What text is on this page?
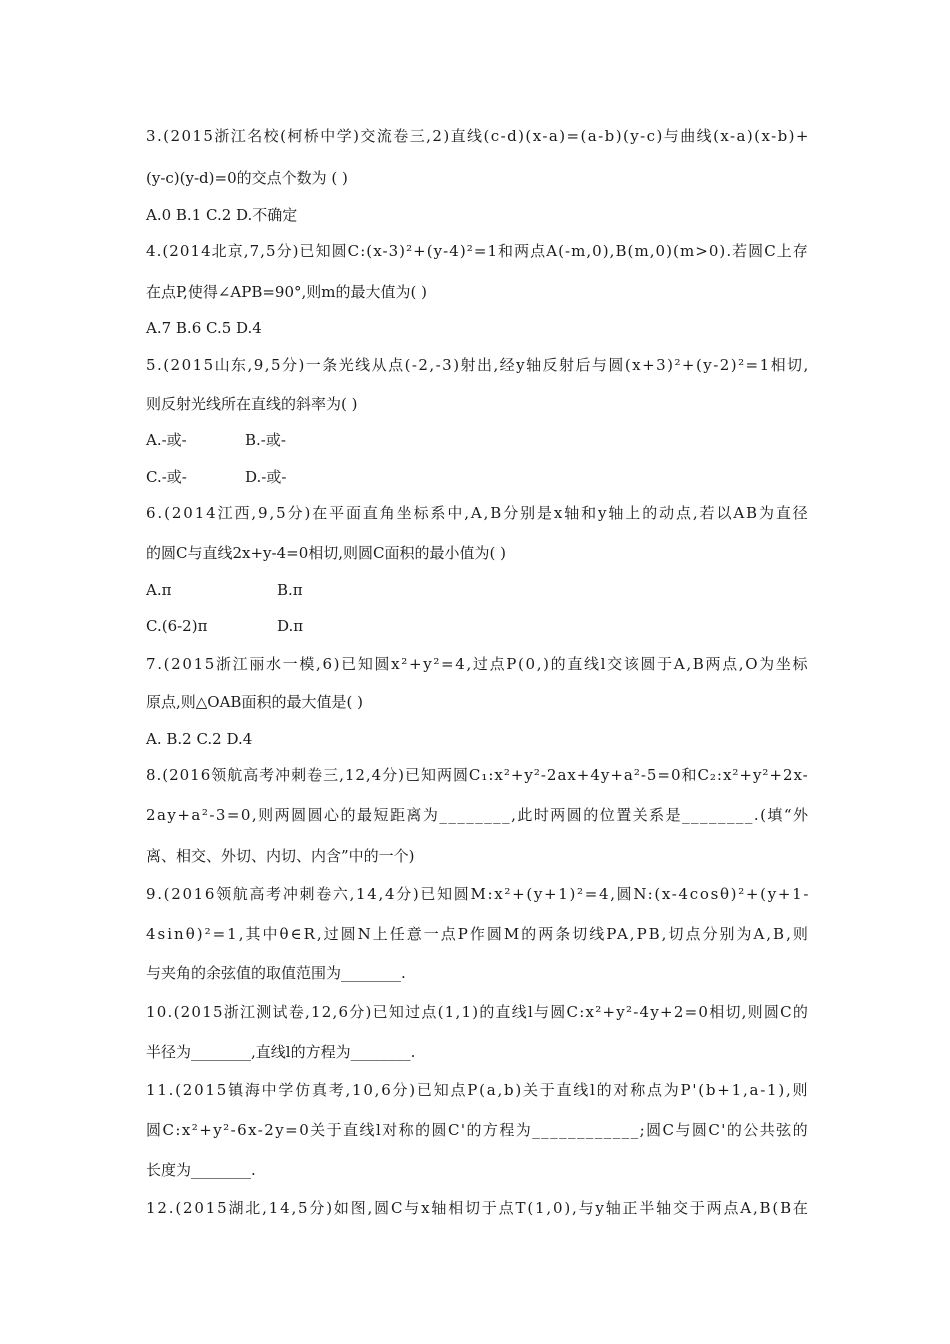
3.(2015浙江名校(柯桥中学)交流卷三,2)直线(c-d)(x-a)=(a-b)(y-c)与曲线(x-a)(x-b)+
(y-c)(y-d)=0的交点个数为 ( )
A.0 B.1 C.2 D.不确定
4.(2014北京,7,5分)已知圆C:(x-3)²+(y-4)²=1和两点A(-m,0),B(m,0)(m>0).若圆C上存
在点P,使得∠APB=90°,则m的最大值为( )
A.7 B.6 C.5 D.4
5.(2015山东,9,5分)一条光线从点(-2,-3)射出,经y轴反射后与圆(x+3)²+(y-2)²=1相切,
则反射光线所在直线的斜率为( )
A.-或-	B.-或-
C.-或-	D.-或-
6.(2014江西,9,5分)在平面直角坐标系中,A,B分别是x轴和y轴上的动点,若以AB为直径
的圆C与直线2x+y-4=0相切,则圆C面积的最小值为( )
A.π	B.π
C.(6-2)π	D.π
7.(2015浙江丽水一模,6)已知圆x²+y²=4,过点P(0,)的直线l交该圆于A,B两点,O为坐标
原点,则△OAB面积的最大值是( )
A. B.2 C.2 D.4
8.(2016领航高考冲刺卷三,12,4分)已知两圆C₁:x²+y²-2ax+4y+a²-5=0和C₂:x²+y²+2x-
2ay+a²-3=0,则两圆圆心的最短距离为________,此时两圆的位置关系是________.(填“外
离、相交、外切、内切、内含”中的一个)
9.(2016领航高考冲刺卷六,14,4分)已知圆M:x²+(y+1)²=4,圆N:(x-4cosθ)²+(y+1-
4sinθ)²=1,其中θ∈R,过圆N上任意一点P作圆M的两条切线PA,PB,切点分别为A,B,则
与夹角的余弦值的取值范围为________.
10.(2015浙江测试卷,12,6分)已知过点(1,1)的直线l与圆C:x²+y²-4y+2=0相切,则圆C的
半径为________,直线l的方程为________.
11.(2015镇海中学仿真考,10,6分)已知点P(a,b)关于直线l的对称点为P'(b+1,a-1),则
圆C:x²+y²-6x-2y=0关于直线l对称的圆C'的方程为____________;圆C与圆C'的公共弦的
长度为________.
12.(2015湖北,14,5分)如图,圆C与x轴相切于点T(1,0),与y轴正半轴交于两点A,B(B在
